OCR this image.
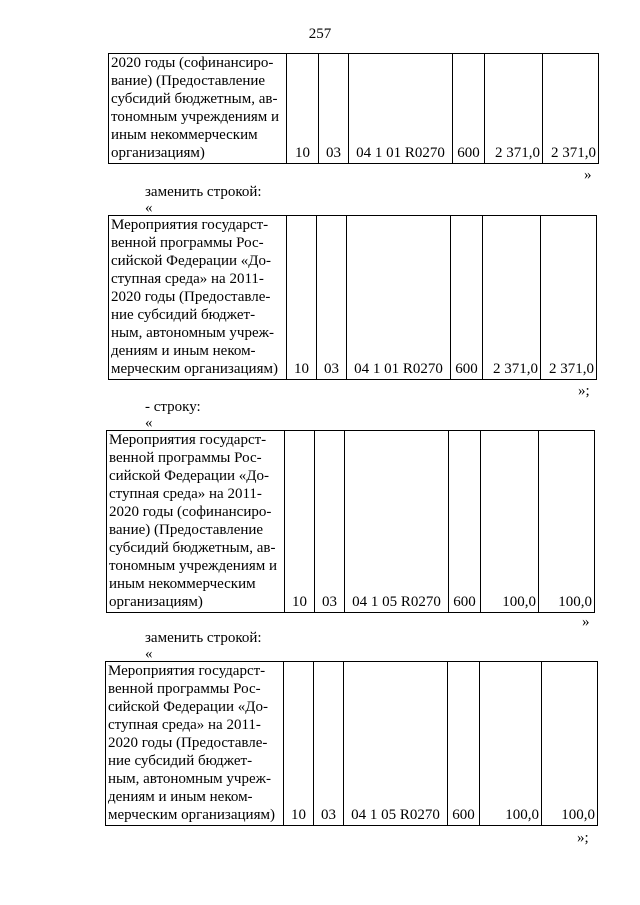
257
2020 годы (софинансиро-
вание) (Предоставление
субсидий бюджетным, ав-
тономным учреждениям и
иным некоммерческим
организациям)	10	03	04 1 01 R0270	600	2 371,0	2 371,0
»
заменить строкой:
«
Мероприятия государст-
венной программы Рос-
сийской Федерации «До-
ступная среда» на 2011-
2020 годы (Предоставле-
ние субсидий бюджет-
ным, автономным учреж-
дениям и иным неком-
мерческим организациям)	10	03	04 1 01 R0270	600	2 371,0	2 371,0
»;
- строку:
«
Мероприятия государст-
венной программы Рос-
сийской Федерации «До-
ступная среда» на 2011-
2020 годы (софинансиро-
вание) (Предоставление
субсидий бюджетным, ав-
тономным учреждениям и
иным некоммерческим
организациям)	10	03	04 1 05 R0270	600	100,0	100,0
»
заменить строкой:
«
Мероприятия государст-
венной программы Рос-
сийской Федерации «До-
ступная среда» на 2011-
2020 годы (Предоставле-
ние субсидий бюджет-
ным, автономным учреж-
дениям и иным неком-
мерческим организациям)	10	03	04 1 05 R0270	600	100,0	100,0
»;
